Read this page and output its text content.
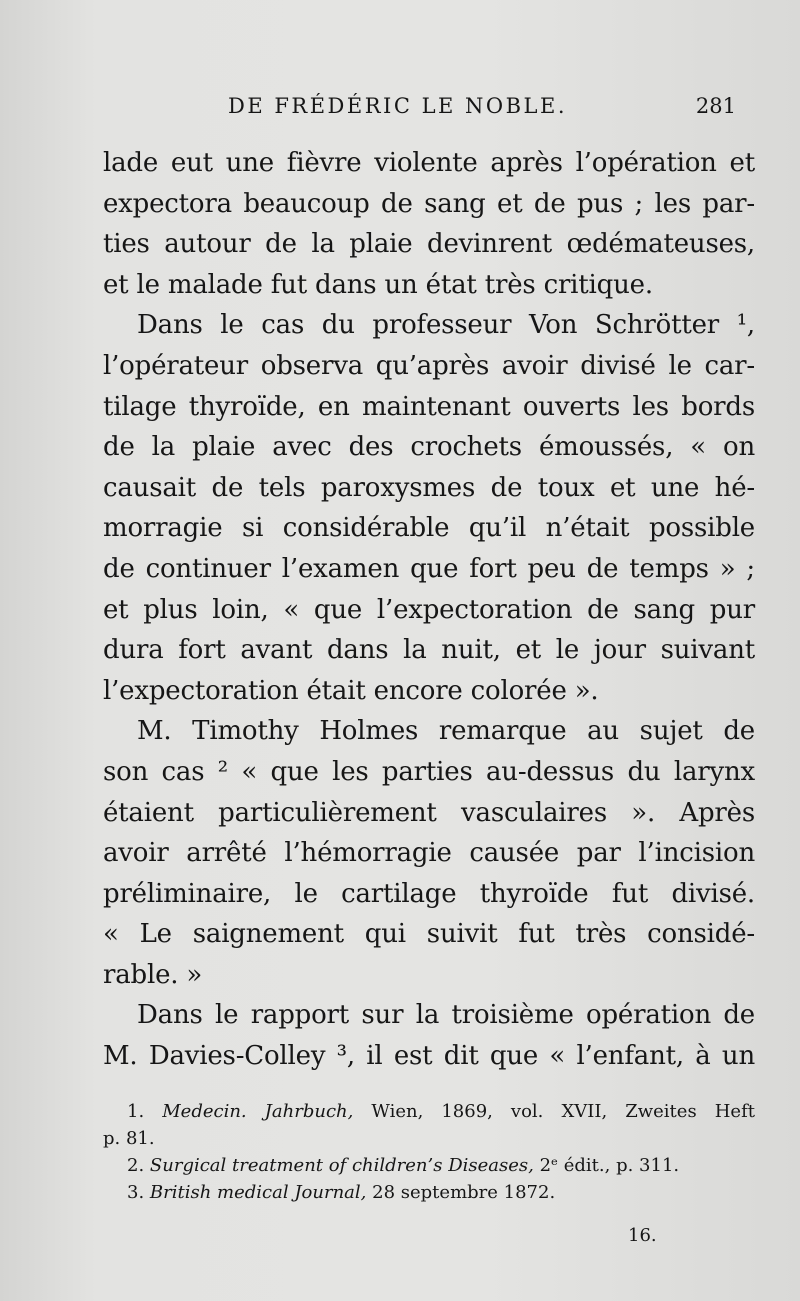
DE FRÉDÉRIC LE NOBLE.	281
lade eut une fièvre violente après l’opération et
expectora beaucoup de sang et de pus ; les par-
ties autour de la plaie devinrent œdémateuses,
et le malade fut dans un état très critique.
Dans le cas du professeur Von Schrötter ¹,
l’opérateur observa qu’après avoir divisé le car-
tilage thyroïde, en maintenant ouverts les bords
de la plaie avec des crochets émoussés, « on
causait de tels paroxysmes de toux et une hé-
morragie si considérable qu’il n’était possible
de continuer l’examen que fort peu de temps » ;
et plus loin, « que l’expectoration de sang pur
dura fort avant dans la nuit, et le jour suivant
l’expectoration était encore colorée ».
M. Timothy Holmes remarque au sujet de
son cas ² « que les parties au-dessus du larynx
étaient particulièrement vasculaires ». Après
avoir arrêté l’hémorragie causée par l’incision
préliminaire, le cartilage thyroïde fut divisé.
« Le saignement qui suivit fut très considé-
rable. »
Dans le rapport sur la troisième opération de
M. Davies-Colley ³, il est dit que « l’enfant, à un
1. Medecin. Jahrbuch, Wien, 1869, vol. XVII, Zweites Heft
p. 81.
2. Surgical treatment of children’s Diseases, 2ᵉ édit., p. 311.
3. British medical Journal, 28 septembre 1872.
16.
